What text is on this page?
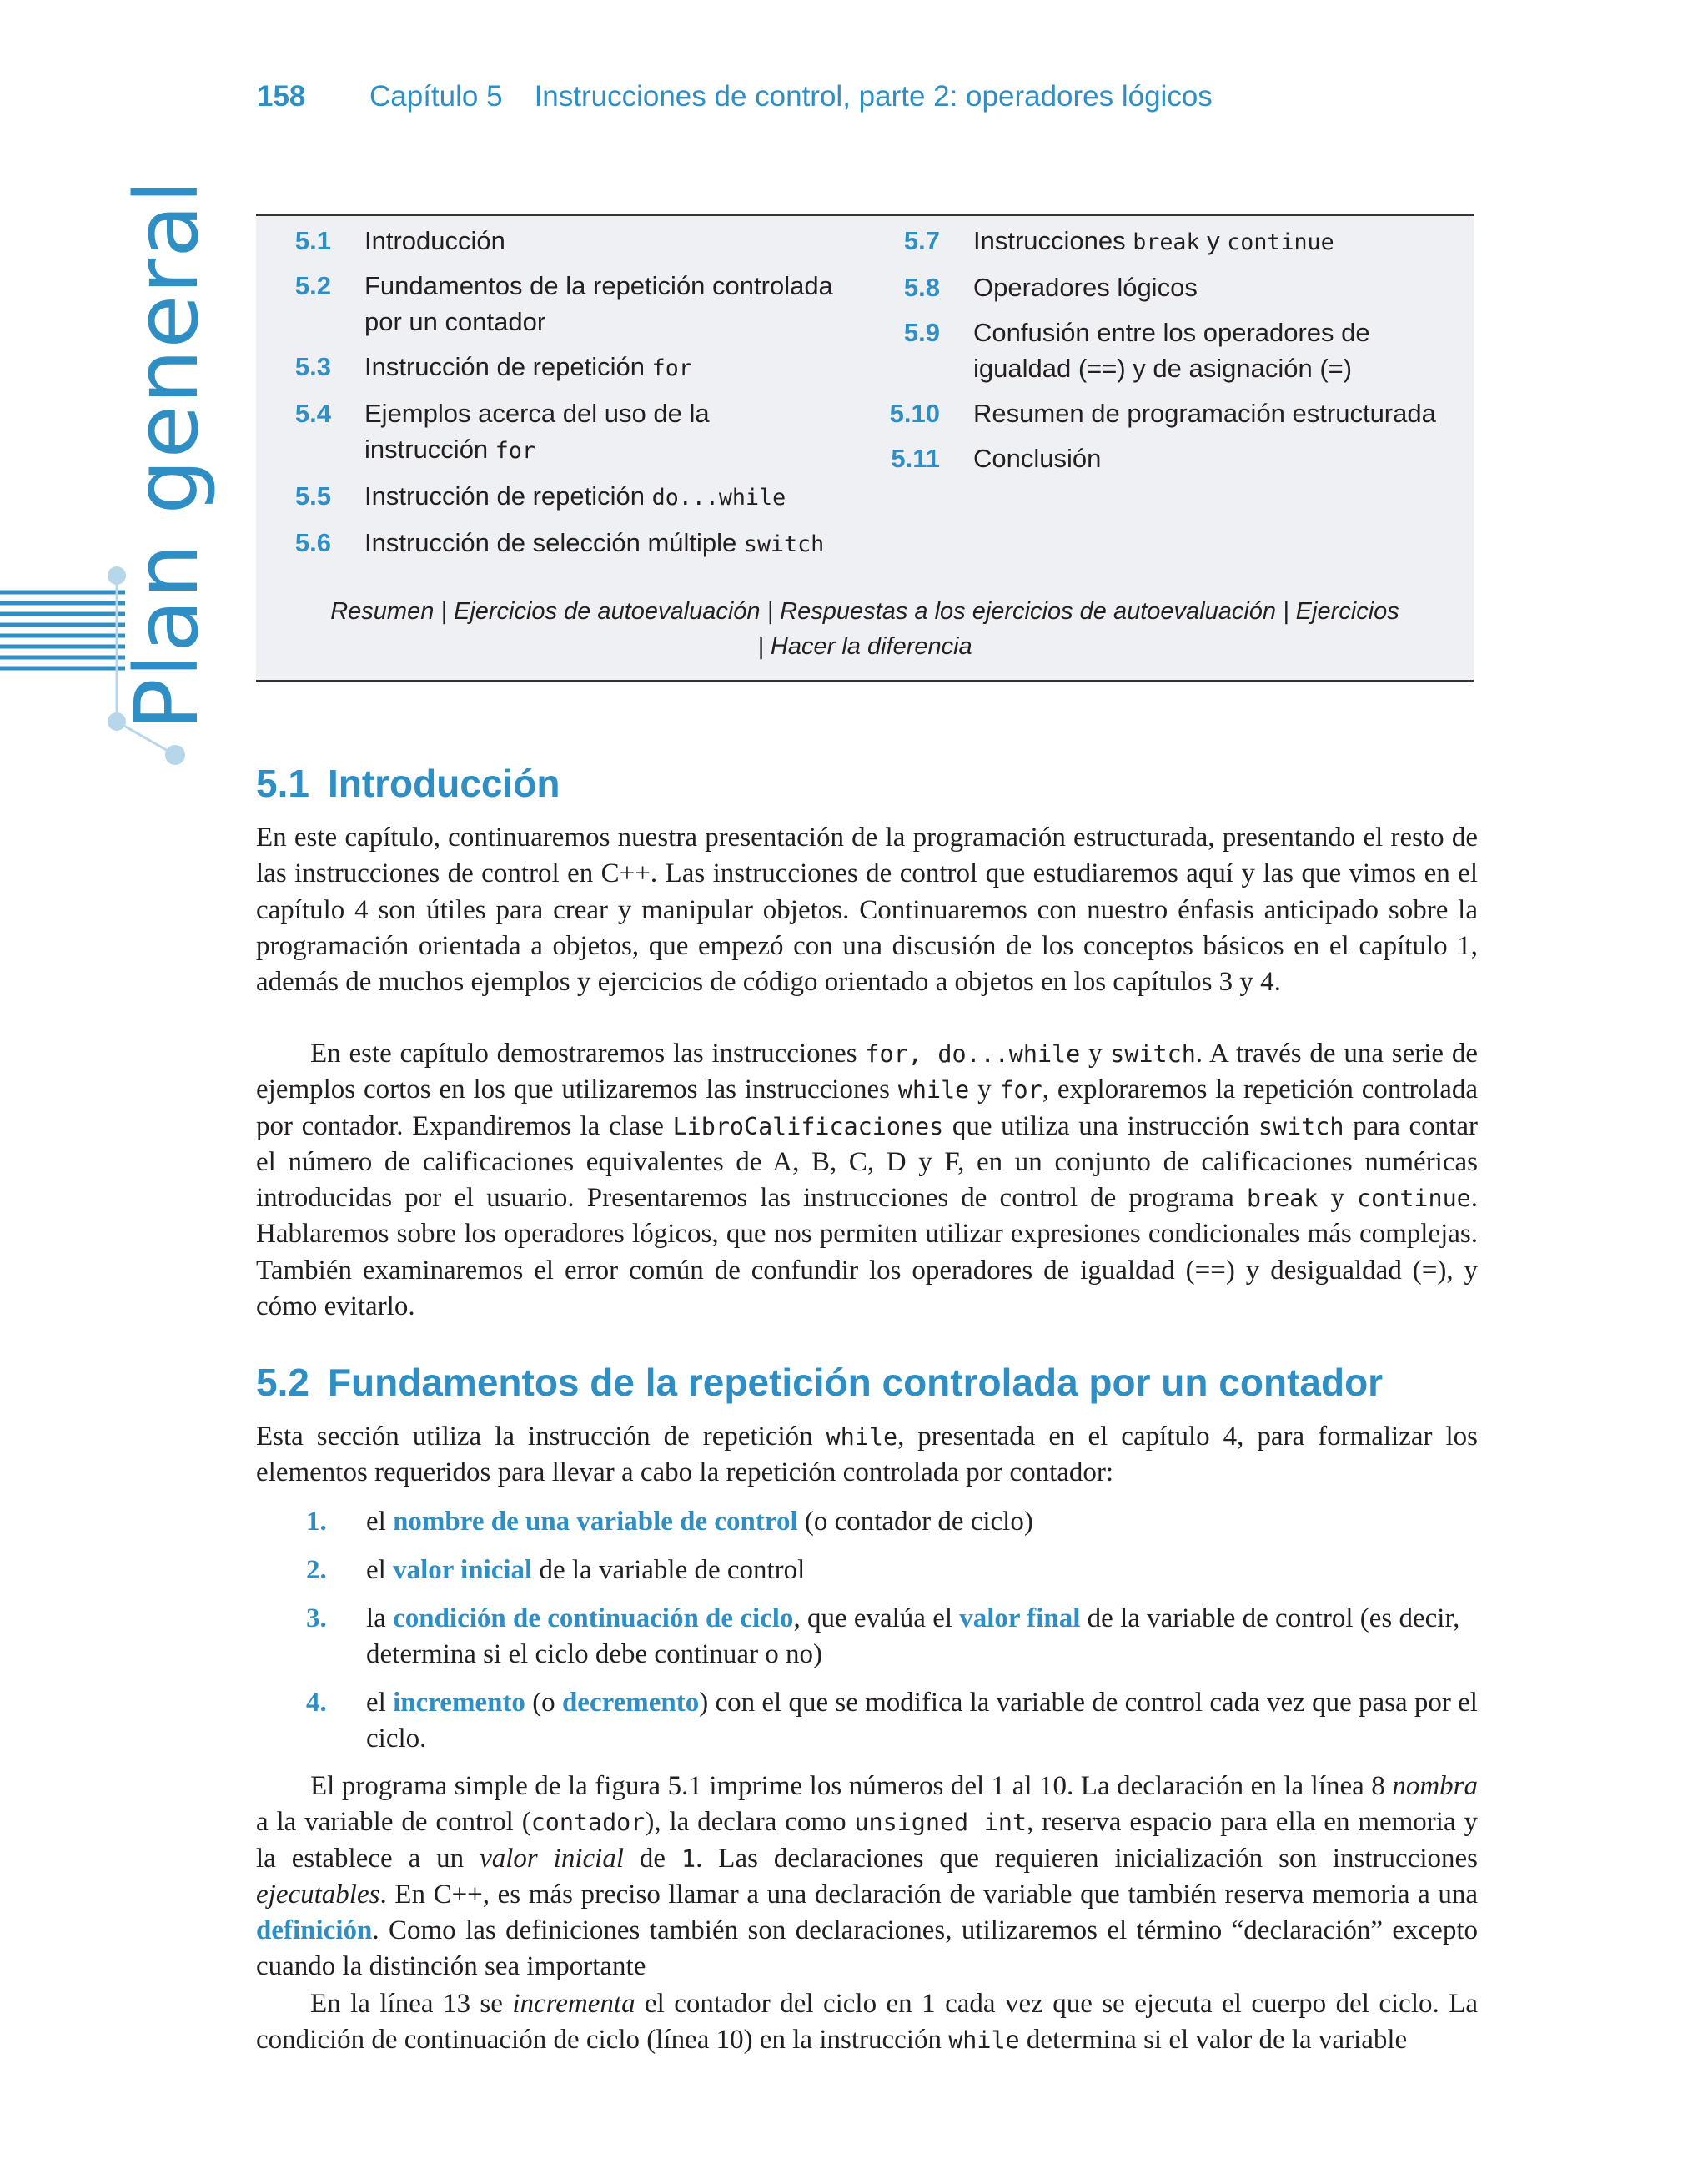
158 Capítulo 5 Instrucciones de control, parte 2: operadores lógicos
Plan general	5.1 Introducción
5.2 Fundamentos de la repetición controlada por un contador
5.3 Instrucción de repetición for
5.4 Ejemplos acerca del uso de la instrucción for
5.5 Instrucción de repetición do...while
5.6 Instrucción de selección múltiple switch
5.7 Instrucciones break y continue
5.8 Operadores lógicos
5.9 Confusión entre los operadores de igualdad (==) y de asignación (=)
5.10 Resumen de programación estructurada
5.11 Conclusión
Resumen | Ejercicios de autoevaluación | Respuestas a los ejercicios de autoevaluación | Ejercicios
| Hacer la diferencia
5.1 Introducción

En este capítulo, continuaremos nuestra presentación de la programación estructurada, presentando el resto de las instrucciones de control en C++. Las instrucciones de control que estudiaremos aquí y las que vimos en el capítulo 4 son útiles para crear y manipular objetos. Continuaremos con nuestro énfasis anticipado sobre la programación orientada a objetos, que empezó con una discusión de los conceptos básicos en el capítulo 1, además de muchos ejemplos y ejercicios de código orientado a objetos en los capítulos 3 y 4.

En este capítulo demostraremos las instrucciones for, do...while y switch. A través de una serie de ejemplos cortos en los que utilizaremos las instrucciones while y for, exploraremos la repetición controlada por contador. Expandiremos la clase LibroCalificaciones que utiliza una instrucción switch para contar el número de calificaciones equivalentes de A, B, C, D y F, en un conjunto de calificaciones numéricas introducidas por el usuario. Presentaremos las instrucciones de control de programa break y continue. Hablaremos sobre los operadores lógicos, que nos permiten utilizar expresiones condicionales más complejas. También examinaremos el error común de confundir los operadores de igualdad (==) y desigualdad (=), y cómo evitarlo.

5.2 Fundamentos de la repetición controlada por un contador

Esta sección utiliza la instrucción de repetición while, presentada en el capítulo 4, para formalizar los elementos requeridos para llevar a cabo la repetición controlada por contador:

1. el nombre de una variable de control (o contador de ciclo)
2. el valor inicial de la variable de control
3. la condición de continuación de ciclo, que evalúa el valor final de la variable de control (es decir, determina si el ciclo debe continuar o no)
4. el incremento (o decremento) con el que se modifica la variable de control cada vez que pasa por el ciclo.

El programa simple de la figura 5.1 imprime los números del 1 al 10. La declaración en la línea 8 nombra a la variable de control (contador), la declara como unsigned int, reserva espacio para ella en memoria y la establece a un valor inicial de 1. Las declaraciones que requieren inicialización son instrucciones ejecutables. En C++, es más preciso llamar a una declaración de variable que también reserva memoria a una definición. Como las definiciones también son declaraciones, utilizaremos el término “declaración” excepto cuando la distinción sea importante

En la línea 13 se incrementa el contador del ciclo en 1 cada vez que se ejecuta el cuerpo del ciclo. La condición de continuación de ciclo (línea 10) en la instrucción while determina si el valor de la variable
